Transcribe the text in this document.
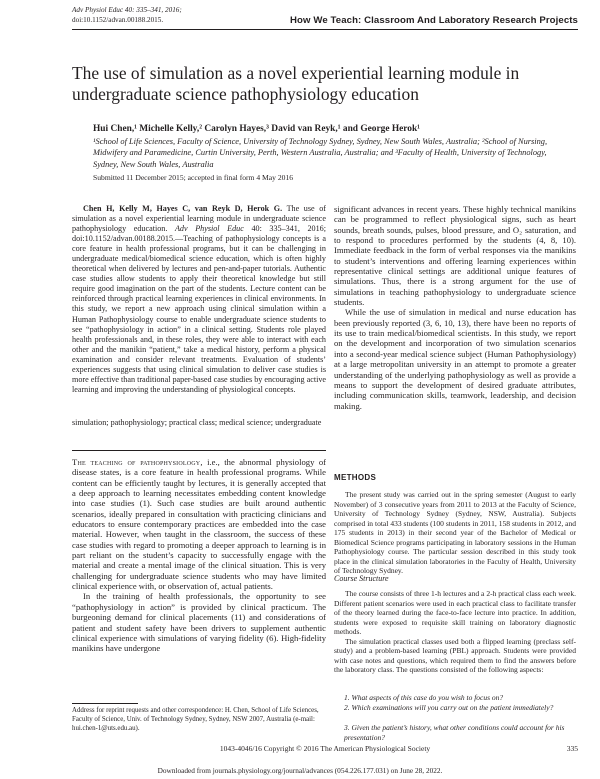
Adv Physiol Educ 40: 335–341, 2016;
doi:10.1152/advan.00188.2015.	How We Teach: Classroom And Laboratory Research Projects
The use of simulation as a novel experiential learning module in undergraduate science pathophysiology education
Hui Chen,¹ Michelle Kelly,² Carolyn Hayes,³ David van Reyk,¹ and George Herok¹
¹School of Life Sciences, Faculty of Science, University of Technology Sydney, Sydney, New South Wales, Australia; ²School of Nursing, Midwifery and Paramedicine, Curtin University, Perth, Western Australia, Australia; and ³Faculty of Health, University of Technology, Sydney, New South Wales, Australia
Submitted 11 December 2015; accepted in final form 4 May 2016
Chen H, Kelly M, Hayes C, van Reyk D, Herok G. The use of simulation as a novel experiential learning module in undergraduate science pathophysiology education. Adv Physiol Educ 40: 335–341, 2016; doi:10.1152/advan.00188.2015.—Teaching of pathophysiology concepts is a core feature in health professional programs, but it can be challenging in undergraduate medical/biomedical science education, which is often highly theoretical when delivered by lectures and pen-and-paper tutorials. Authentic case studies allow students to apply their theoretical knowledge but still require good imagination on the part of the students. Lecture content can be reinforced through practical learning experiences in clinical environments. In this study, we report a new approach using clinical simulation within a Human Pathophysiology course to enable undergraduate science students to see “pathophysiology in action” in a clinical setting. Students role played health professionals and, in these roles, they were able to interact with each other and the manikin “patient,” take a medical history, perform a physical examination and consider relevant treatments. Evaluation of students’ experiences suggests that using clinical simulation to deliver case studies is more effective than traditional paper-based case studies by encouraging active learning and improving the understanding of physiological concepts.
simulation; pathophysiology; practical class; medical science; undergraduate
The teaching of pathophysiology, i.e., the abnormal physiology of disease states, is a core feature in health professional programs. While content can be efficiently taught by lectures, it is generally accepted that a deep approach to learning necessitates embedding content knowledge into case studies (1). Such case studies are built around authentic scenarios, ideally prepared in consultation with practicing clinicians and educators to ensure contemporary practices are embedded into the case material. However, when taught in the classroom, the success of these case studies with regard to promoting a deeper approach to learning is in part reliant on the student’s capacity to successfully engage with the material and create a mental image of the clinical situation. This is very challenging for undergraduate science students who may have limited clinical experience with, or observation of, actual patients.
In the training of health professionals, the opportunity to see “pathophysiology in action” is provided by clinical practicum. The burgeoning demand for clinical placements (11) and considerations of patient and student safety have been drivers to supplement authentic clinical experience with simulations of varying fidelity (6). High-fidelity manikins have undergone
significant advances in recent years. These highly technical manikins can be programmed to reflect physiological signs, such as heart sounds, breath sounds, pulses, blood pressure, and O₂ saturation, and to respond to procedures performed by the students (4, 8, 10). Immediate feedback in the form of verbal responses via the manikins to student’s interventions and offering learning experiences within representative clinical settings are additional unique features of simulations. Thus, there is a strong argument for the use of simulations in teaching pathophysiology to undergraduate science students.
While the use of simulation in medical and nurse education has been previously reported (3, 6, 10, 13), there have been no reports of its use to train medical/biomedical scientists. In this study, we report on the development and incorporation of two simulation scenarios into a second-year medical science subject (Human Pathophysiology) at a large metropolitan university in an attempt to promote a greater understanding of the underlying pathophysiology as well as provide a means to support the development of desired graduate attributes, including communication skills, teamwork, leadership, and decision making.
METHODS
The present study was carried out in the spring semester (August to early November) of 3 consecutive years from 2011 to 2013 at the Faculty of Science, University of Technology Sydney (Sydney, NSW, Australia). Subjects comprised in total 433 students (100 students in 2011, 158 students in 2012, and 175 students in 2013) in their second year of the Bachelor of Medical or Biomedical Science programs participating in laboratory sessions in the Human Pathophysiology course. The particular session described in this study took place in the clinical simulation laboratories in the Faculty of Health, University of Technology Sydney.
Course Structure
The course consists of three 1-h lectures and a 2-h practical class each week. Different patient scenarios were used in each practical class to facilitate transfer of the theory learned during the face-to-face lecture into practice. In addition, students were exposed to requisite skill training on laboratory diagnostic methods.
The simulation practical classes used both a flipped learning (preclass self-study) and a problem-based learning (PBL) approach. Students were provided with case notes and questions, which required them to find the answers before the laboratory class. The questions consisted of the following aspects:
1. What aspects of this case do you wish to focus on?
2. Which examinations will you carry out on the patient immediately?
3. Given the patient’s history, what other conditions could account for his presentation?
Address for reprint requests and other correspondence: H. Chen, School of Life Sciences, Faculty of Science, Univ. of Technology Sydney, Sydney, NSW 2007, Australia (e-mail: hui.chen-1@uts.edu.au).
1043-4046/16 Copyright © 2016 The American Physiological Society	335
Downloaded from journals.physiology.org/journal/advances (054.226.177.031) on June 28, 2022.
